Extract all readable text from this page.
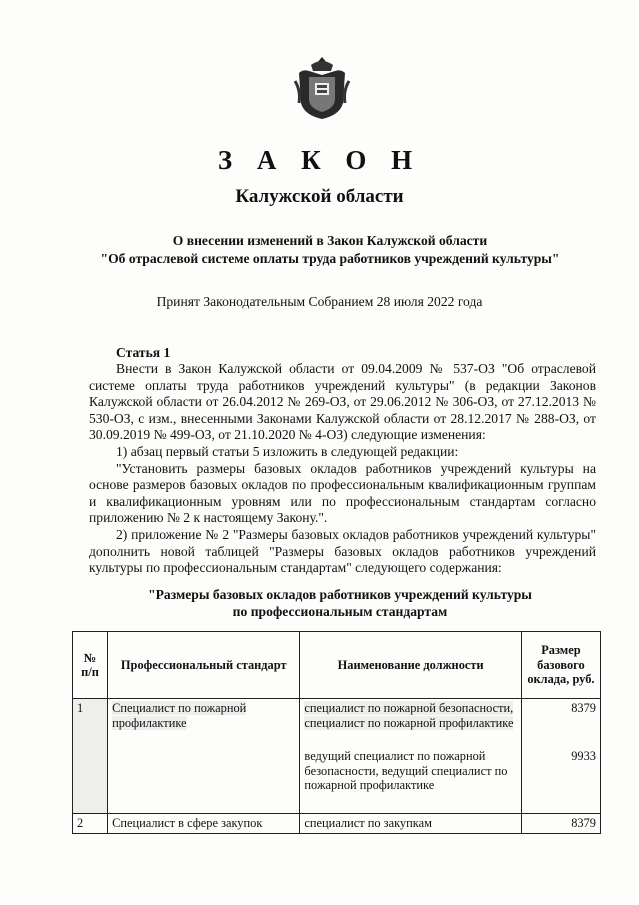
З А К О Н
Калужской области
О внесении изменений в Закон Калужской области
"Об отраслевой системе оплаты труда работников учреждений культуры"
Принят Законодательным Собранием 28 июля 2022 года
Статья 1

Внести в Закон Калужской области от 09.04.2009 № 537-ОЗ "Об отраслевой системе оплаты труда работников учреждений культуры" (в редакции Законов Калужской области от 26.04.2012 № 269-ОЗ, от 29.06.2012 № 306-ОЗ, от 27.12.2013 № 530-ОЗ, с изм., внесенными Законами Калужской области от 28.12.2017 № 288-ОЗ, от 30.09.2019 № 499-ОЗ, от 21.10.2020 № 4-ОЗ) следующие изменения:

1) абзац первый статьи 5 изложить в следующей редакции:

"Установить размеры базовых окладов работников учреждений культуры на основе размеров базовых окладов по профессиональным квалификационным группам и квалификационным уровням или по профессиональным стандартам согласно приложению № 2 к настоящему Закону.".

2) приложение № 2 "Размеры базовых окладов работников учреждений культуры" дополнить новой таблицей "Размеры базовых окладов работников учреждений культуры по профессиональным стандартам" следующего содержания:

"Размеры базовых окладов работников учреждений культуры
по профессиональным стандартам
№ п/п	Профессиональный стандарт	Наименование должности	Размер базового оклада, руб.
1	Специалист по пожарной профилактике	специалист по пожарной безопасности, специалист по пожарной профилактике	8379
		ведущий специалист по пожарной безопасности, ведущий специалист по пожарной профилактике	9933
2	Специалист в сфере закупок	специалист по закупкам	8379
